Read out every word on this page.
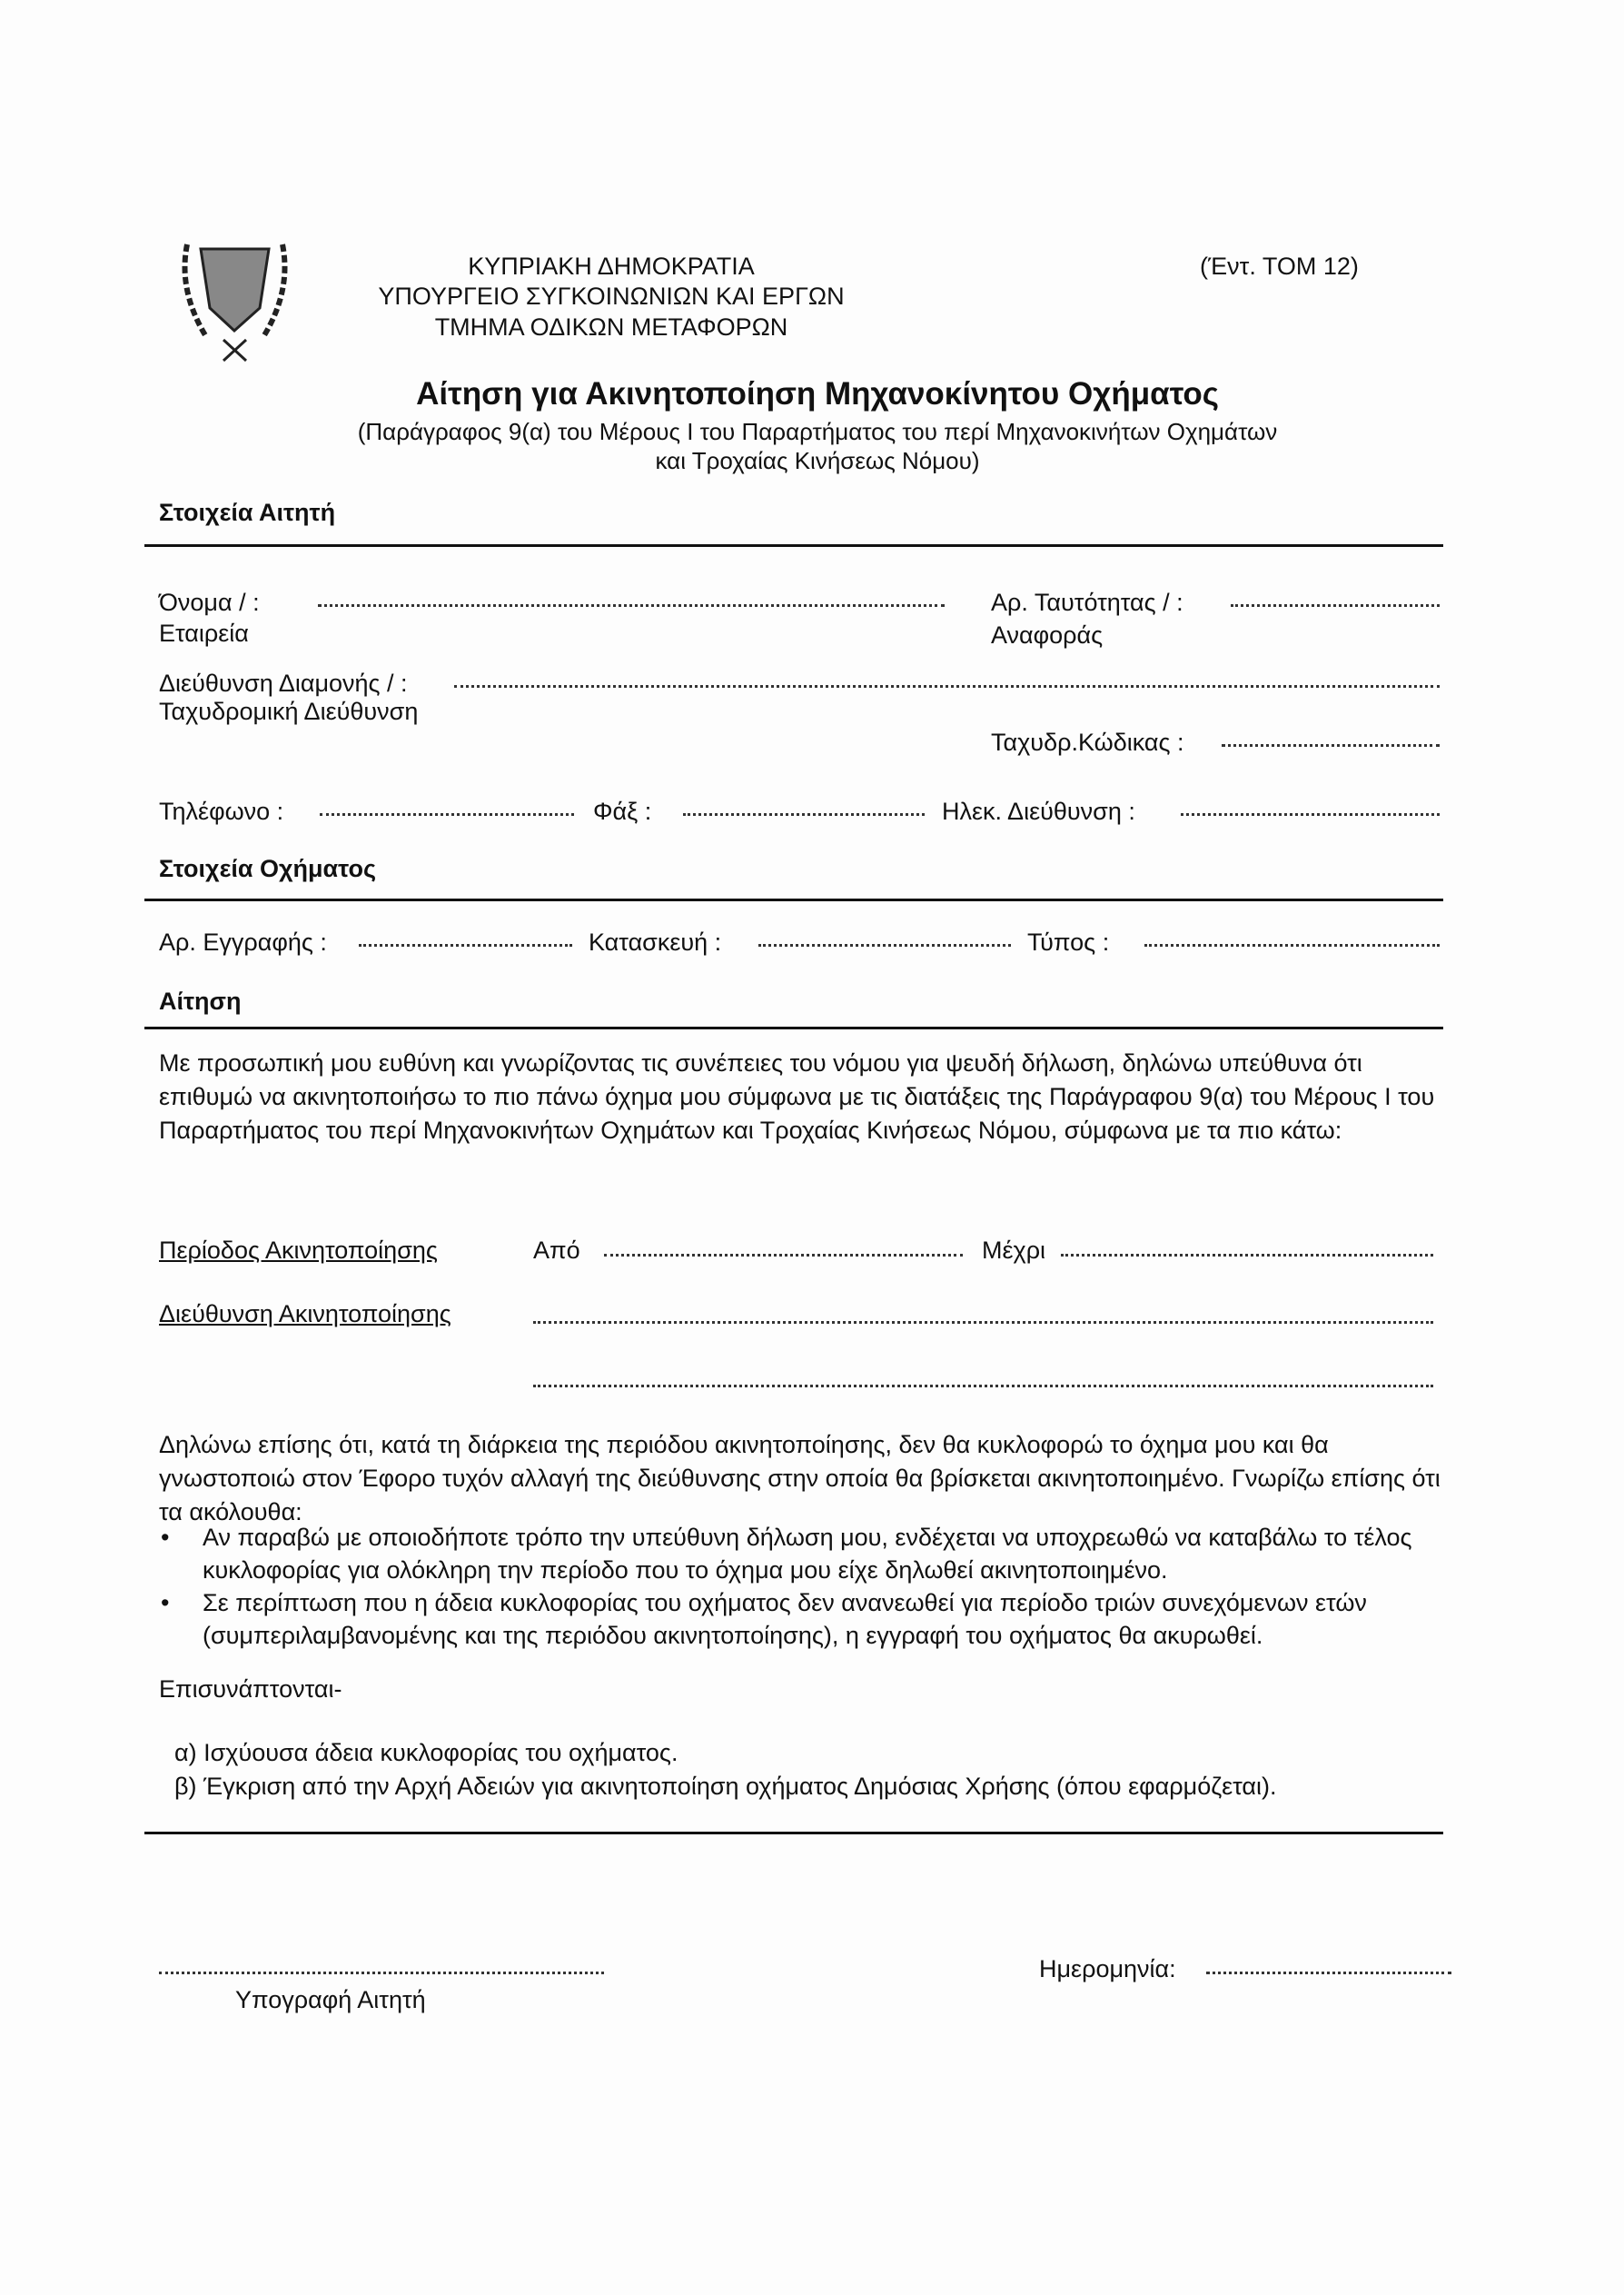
ΚΥΠΡΙΑΚΗ ΔΗΜΟΚΡΑΤΙΑ
ΥΠΟΥΡΓΕΙΟ ΣΥΓΚΟΙΝΩΝΙΩΝ ΚΑΙ ΕΡΓΩΝ
ΤΜΗΜΑ ΟΔΙΚΩΝ ΜΕΤΑΦΟΡΩΝ
(Έντ. ΤΟΜ 12)
Αίτηση για Ακινητοποίηση Μηχανοκίνητου Οχήματος
(Παράγραφος 9(α) του Μέρους Ι του Παραρτήματος του περί Μηχανοκινήτων Οχημάτων
και Τροχαίας Κινήσεως Νόμου)
Στοιχεία Αιτητή
Όνομα / :
Εταιρεία
Αρ. Ταυτότητας / :
Αναφοράς
Διεύθυνση Διαμονής / :
Ταχυδρομική Διεύθυνση
Ταχυδρ.Κώδικας :
Τηλέφωνο :	Φάξ :	Ηλεκ. Διεύθυνση :
Στοιχεία Οχήματος
Αρ. Εγγραφής :	Κατασκευή :	Τύπος :
Αίτηση
Με προσωπική μου ευθύνη και γνωρίζοντας τις συνέπειες του νόμου για ψευδή δήλωση, δηλώνω υπεύθυνα ότι επιθυμώ να ακινητοποιήσω το πιο πάνω όχημα μου σύμφωνα με τις διατάξεις της Παράγραφου 9(α) του Μέρους Ι του Παραρτήματος του περί Μηχανοκινήτων Οχημάτων και Τροχαίας Κινήσεως Νόμου, σύμφωνα με τα πιο κάτω:
Περίοδος Ακινητοποίησης	Από	Μέχρι
Διεύθυνση Ακινητοποίησης
Δηλώνω επίσης ότι, κατά τη διάρκεια της περιόδου ακινητοποίησης, δεν θα κυκλοφορώ το όχημα μου και θα γνωστοποιώ στον Έφορο τυχόν αλλαγή της διεύθυνσης στην οποία θα βρίσκεται ακινητοποιημένο. Γνωρίζω επίσης ότι τα ακόλουθα:
• Αν παραβώ με οποιοδήποτε τρόπο την υπεύθυνη δήλωση μου, ενδέχεται να υποχρεωθώ να καταβάλω το τέλος κυκλοφορίας για ολόκληρη την περίοδο που το όχημα μου είχε δηλωθεί ακινητοποιημένο.
• Σε περίπτωση που η άδεια κυκλοφορίας του οχήματος δεν ανανεωθεί για περίοδο τριών συνεχόμενων ετών (συμπεριλαμβανομένης και της περιόδου ακινητοποίησης), η εγγραφή του οχήματος θα ακυρωθεί.
Επισυνάπτονται-
α) Ισχύουσα άδεια κυκλοφορίας του οχήματος.
β) Έγκριση από την Αρχή Αδειών για ακινητοποίηση οχήματος Δημόσιας Χρήσης (όπου εφαρμόζεται).
Υπογραφή Αιτητή
Ημερομηνία:
